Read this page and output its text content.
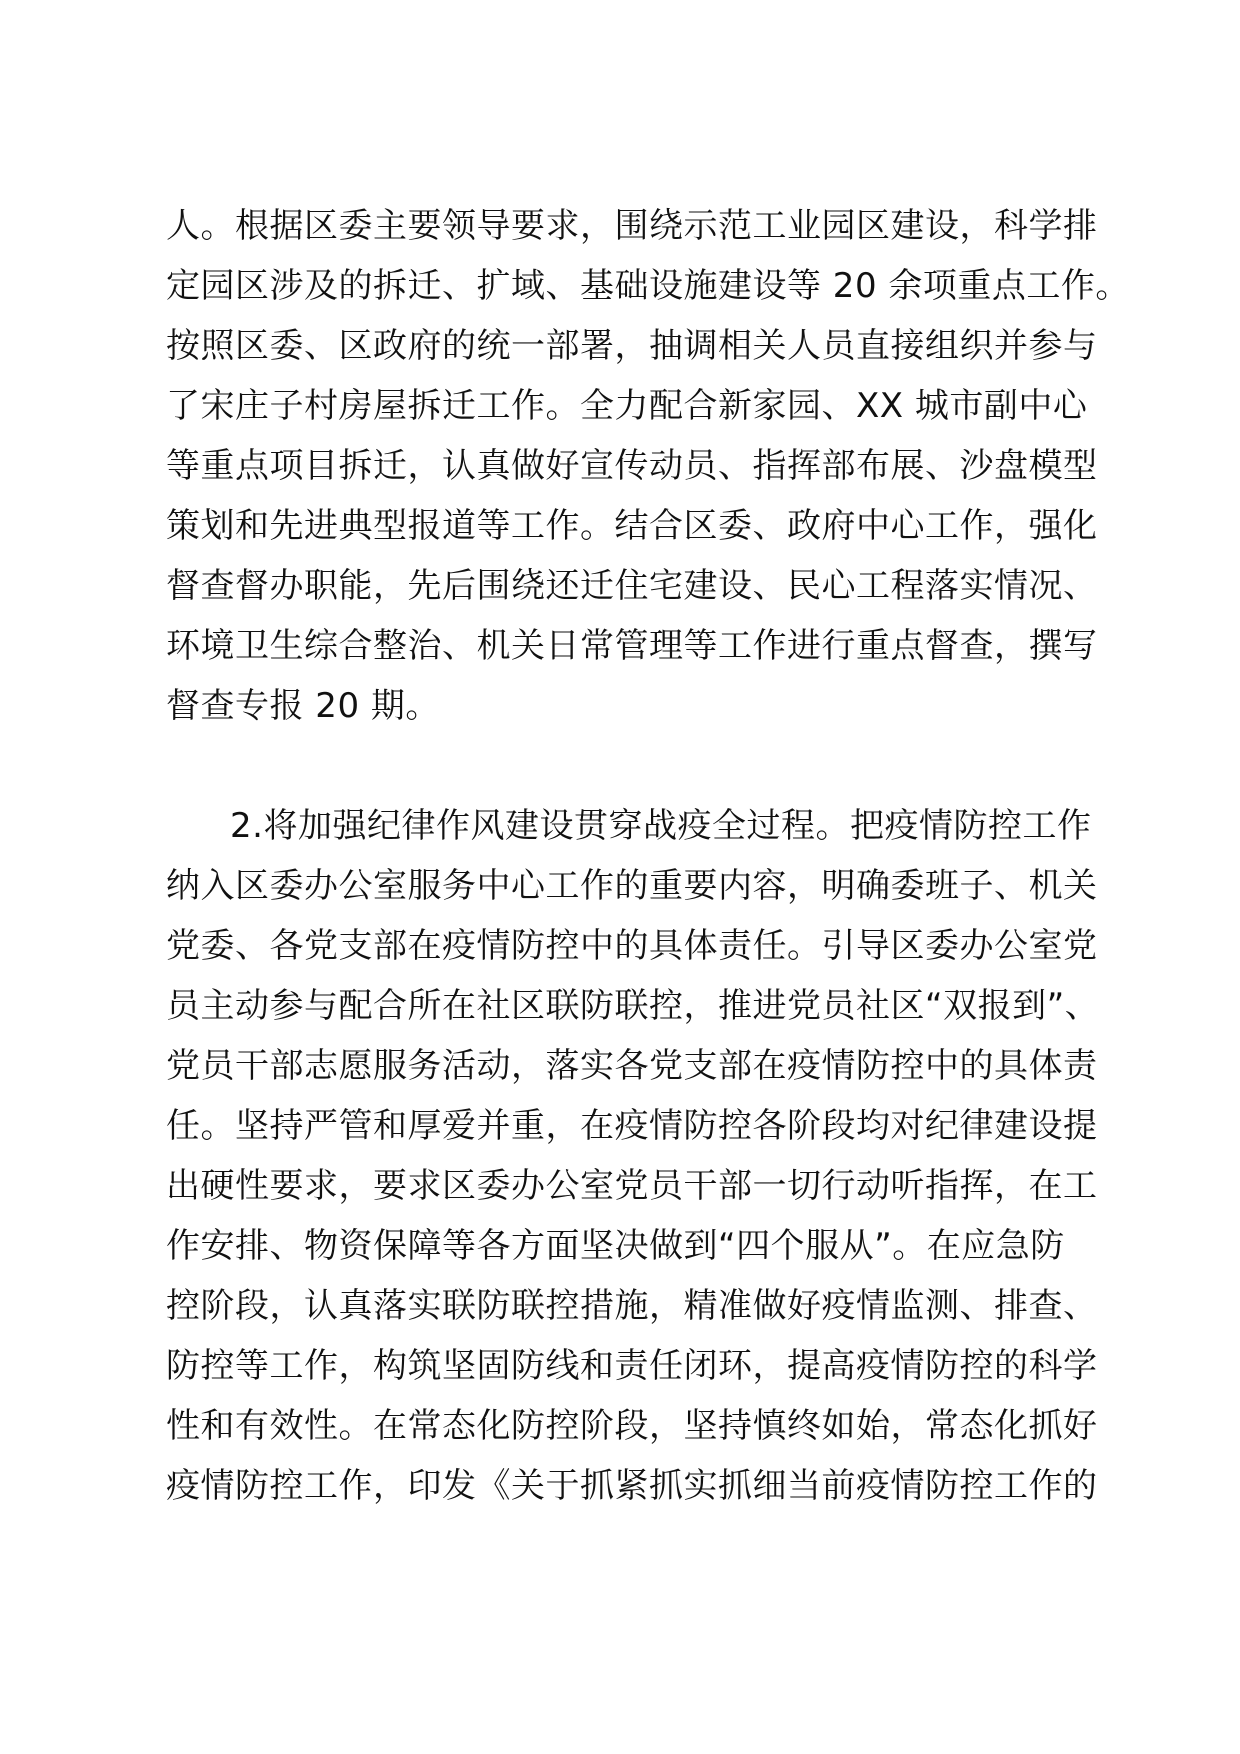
人。根据区委主要领导要求，围绕示范工业园区建设，科学排
定园区涉及的拆迁、扩域、基础设施建设等 20 余项重点工作。
按照区委、区政府的统一部署，抽调相关人员直接组织并参与
了宋庄子村房屋拆迁工作。全力配合新家园、XX 城市副中心
等重点项目拆迁，认真做好宣传动员、指挥部布展、沙盘模型
策划和先进典型报道等工作。结合区委、政府中心工作，强化
督查督办职能，先后围绕还迁住宅建设、民心工程落实情况、
环境卫生综合整治、机关日常管理等工作进行重点督查，撰写
督查专报 20 期。
2.将加强纪律作风建设贯穿战疫全过程。把疫情防控工作
纳入区委办公室服务中心工作的重要内容，明确委班子、机关
党委、各党支部在疫情防控中的具体责任。引导区委办公室党
员主动参与配合所在社区联防联控，推进党员社区“双报到”、
党员干部志愿服务活动，落实各党支部在疫情防控中的具体责
任。坚持严管和厚爱并重，在疫情防控各阶段均对纪律建设提
出硬性要求，要求区委办公室党员干部一切行动听指挥，在工
作安排、物资保障等各方面坚决做到“四个服从”。在应急防
控阶段，认真落实联防联控措施，精准做好疫情监测、排查、
防控等工作，构筑坚固防线和责任闭环，提高疫情防控的科学
性和有效性。在常态化防控阶段，坚持慎终如始，常态化抓好
疫情防控工作，印发《关于抓紧抓实抓细当前疫情防控工作的
